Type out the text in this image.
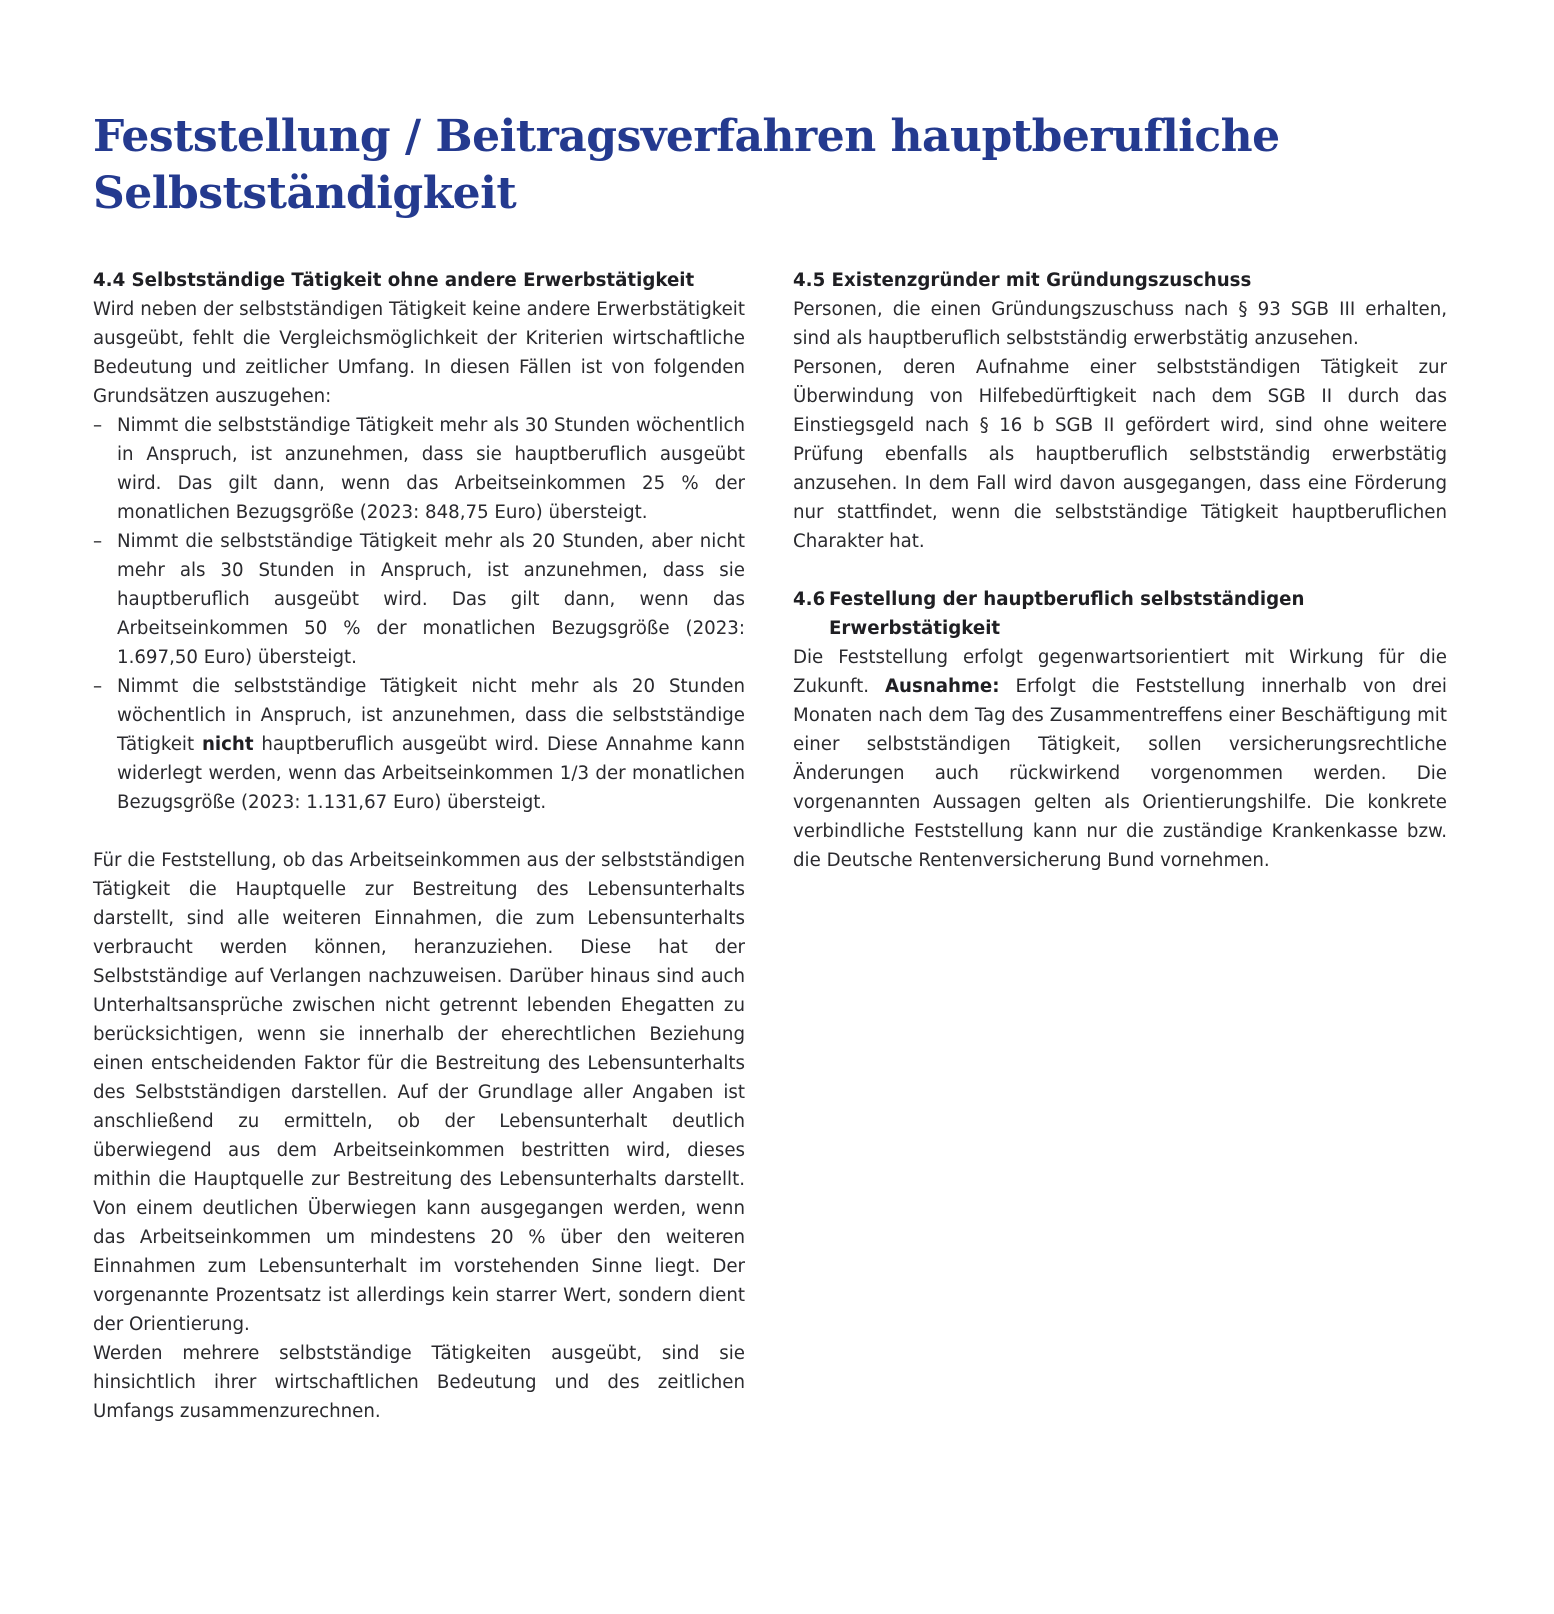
Feststellung / Beitragsverfahren hauptberufliche
Selbstständigkeit
4.4 Selbstständige Tätigkeit ohne andere Erwerbstätigkeit

Wird neben der selbstständigen Tätigkeit keine andere Erwerbstätigkeit ausgeübt, fehlt die Vergleichsmöglichkeit der Kriterien wirtschaftliche Bedeutung und zeitlicher Umfang. In diesen Fällen ist von folgenden Grundsätzen auszugehen:

– Nimmt die selbstständige Tätigkeit mehr als 30 Stunden wöchentlich in Anspruch, ist anzunehmen, dass sie hauptberuflich ausgeübt wird. Das gilt dann, wenn das Arbeitseinkommen 25 % der monatlichen Bezugsgröße (2023: 848,75 Euro) übersteigt.
– Nimmt die selbstständige Tätigkeit mehr als 20 Stunden, aber nicht mehr als 30 Stunden in Anspruch, ist anzunehmen, dass sie hauptberuflich ausgeübt wird. Das gilt dann, wenn das Arbeitseinkommen 50 % der monatlichen Bezugsgröße (2023: 1.697,50 Euro) übersteigt.
– Nimmt die selbstständige Tätigkeit nicht mehr als 20 Stunden wöchentlich in Anspruch, ist anzunehmen, dass die selbstständige Tätigkeit nicht hauptberuflich ausgeübt wird. Diese Annahme kann widerlegt werden, wenn das Arbeitseinkommen 1/3 der monatlichen Bezugsgröße (2023: 1.131,67 Euro) übersteigt.

Für die Feststellung, ob das Arbeitseinkommen aus der selbstständigen Tätigkeit die Hauptquelle zur Bestreitung des Lebensunterhalts darstellt, sind alle weiteren Einnahmen, die zum Lebensunterhalts verbraucht werden können, heranzuziehen. Diese hat der Selbstständige auf Verlangen nachzuweisen. Darüber hinaus sind auch Unterhaltsansprüche zwischen nicht getrennt lebenden Ehegatten zu berücksichtigen, wenn sie innerhalb der eherechtlichen Beziehung einen entscheidenden Faktor für die Bestreitung des Lebensunterhalts des Selbstständigen darstellen. Auf der Grundlage aller Angaben ist anschließend zu ermitteln, ob der Lebensunterhalt deutlich überwiegend aus dem Arbeitseinkommen bestritten wird, dieses mithin die Hauptquelle zur Bestreitung des Lebensunterhalts darstellt. Von einem deutlichen Überwiegen kann ausgegangen werden, wenn das Arbeitseinkommen um mindestens 20 % über den weiteren Einnahmen zum Lebensunterhalt im vorstehenden Sinne liegt. Der vorgenannte Prozentsatz ist allerdings kein starrer Wert, sondern dient der Orientierung.

Werden mehrere selbstständige Tätigkeiten ausgeübt, sind sie hinsichtlich ihrer wirtschaftlichen Bedeutung und des zeitlichen Umfangs zusammenzurechnen.

4.5 Existenzgründer mit Gründungszuschuss

Personen, die einen Gründungszuschuss nach § 93 SGB III erhalten, sind als hauptberuflich selbstständig erwerbstätig anzusehen.

Personen, deren Aufnahme einer selbstständigen Tätigkeit zur Überwindung von Hilfebedürftigkeit nach dem SGB II durch das Einstiegsgeld nach § 16 b SGB II gefördert wird, sind ohne weitere Prüfung ebenfalls als hauptberuflich selbstständig erwerbstätig anzusehen. In dem Fall wird davon ausgegangen, dass eine Förderung nur stattfindet, wenn die selbstständige Tätigkeit hauptberuflichen Charakter hat.

4.6 Festellung der hauptberuflich selbstständigen
Erwerbstätigkeit

Die Feststellung erfolgt gegenwartsorientiert mit Wirkung für die Zukunft. Ausnahme: Erfolgt die Feststellung innerhalb von drei Monaten nach dem Tag des Zusammentreffens einer Beschäftigung mit einer selbstständigen Tätigkeit, sollen versicherungsrechtliche Änderungen auch rückwirkend vorgenommen werden. Die vorgenannten Aussagen gelten als Orientierungshilfe. Die konkrete verbindliche Feststellung kann nur die zuständige Krankenkasse bzw. die Deutsche Rentenversicherung Bund vornehmen.
